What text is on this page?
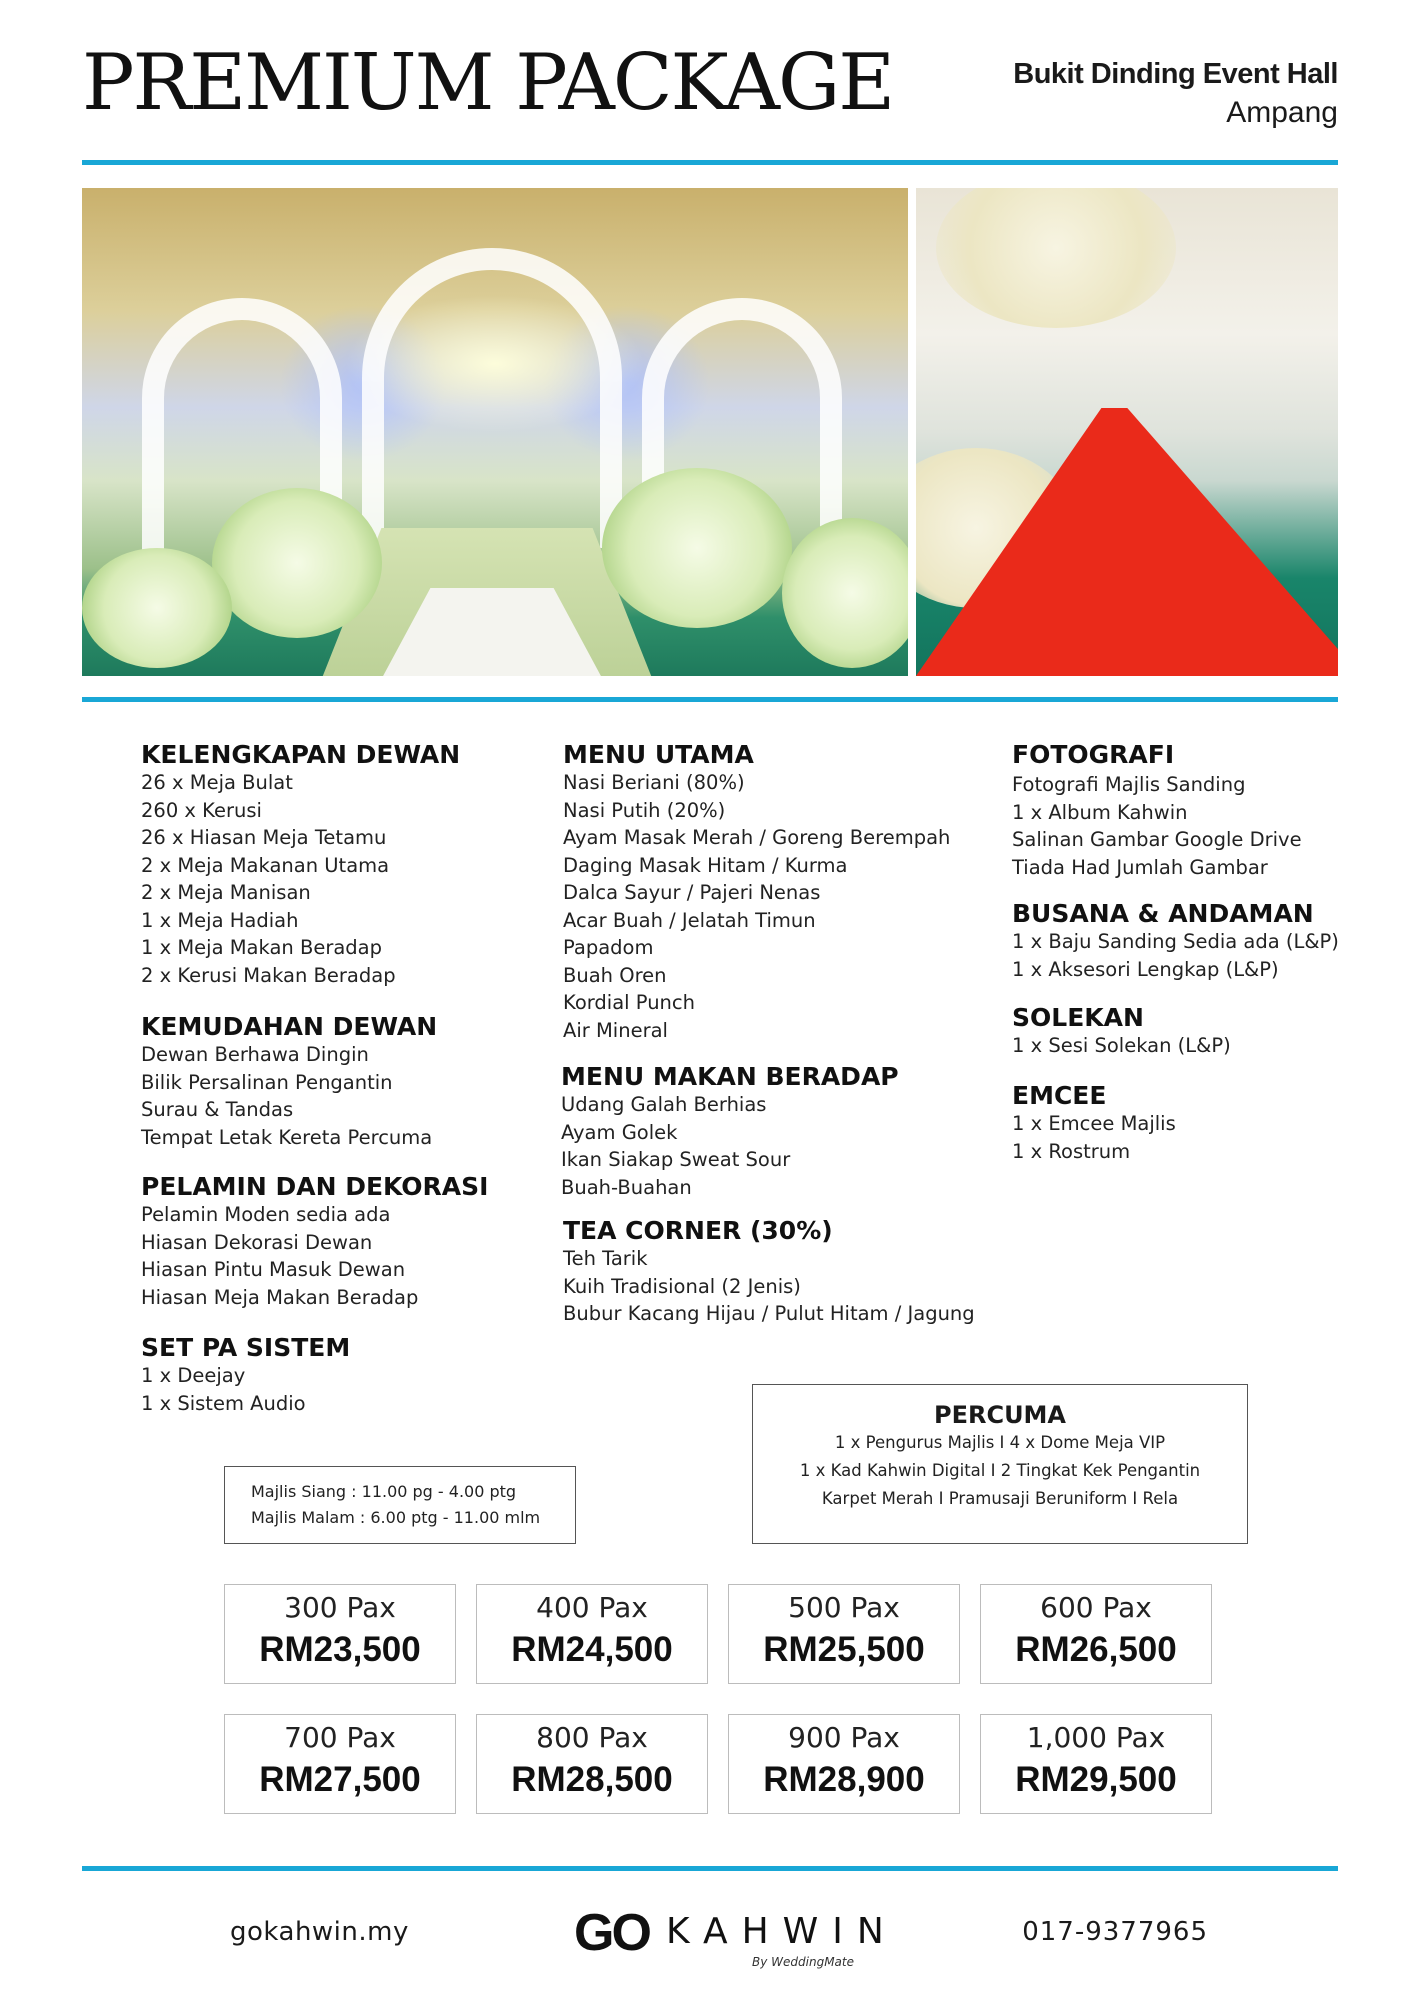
PREMIUM PACKAGE	Bukit Dinding Event Hall
Ampang
KELENGKAPAN DEWAN
26 x Meja Bulat
260 x Kerusi
26 x Hiasan Meja Tetamu
2 x Meja Makanan Utama
2 x Meja Manisan
1 x Meja Hadiah
1 x Meja Makan Beradap
2 x Kerusi Makan Beradap
KEMUDAHAN DEWAN
Dewan Berhawa Dingin
Bilik Persalinan Pengantin
Surau & Tandas
Tempat Letak Kereta Percuma
PELAMIN DAN DEKORASI
Pelamin Moden sedia ada
Hiasan Dekorasi Dewan
Hiasan Pintu Masuk Dewan
Hiasan Meja Makan Beradap
SET PA SISTEM
1 x Deejay
1 x Sistem Audio
MENU UTAMA
Nasi Beriani (80%)
Nasi Putih (20%)
Ayam Masak Merah / Goreng Berempah
Daging Masak Hitam / Kurma
Dalca Sayur / Pajeri Nenas
Acar Buah / Jelatah Timun
Papadom
Buah Oren
Kordial Punch
Air Mineral
MENU MAKAN BERADAP
Udang Galah Berhias
Ayam Golek
Ikan Siakap Sweat Sour
Buah-Buahan
TEA CORNER (30%)
Teh Tarik
Kuih Tradisional (2 Jenis)
Bubur Kacang Hijau / Pulut Hitam / Jagung
FOTOGRAFI
Fotografi Majlis Sanding
1 x Album Kahwin
Salinan Gambar Google Drive
Tiada Had Jumlah Gambar
BUSANA & ANDAMAN
1 x Baju Sanding Sedia ada (L&P)
1 x Aksesori Lengkap (L&P)
SOLEKAN
1 x Sesi Solekan (L&P)
EMCEE
1 x Emcee Majlis
1 x Rostrum
Majlis Siang : 11.00 pg - 4.00 ptg
Majlis Malam : 6.00 ptg - 11.00 mlm
PERCUMA
1 x Pengurus Majlis I 4 x Dome Meja VIP
1 x Kad Kahwin Digital I 2 Tingkat Kek Pengantin
Karpet Merah I Pramusaji Beruniform I Rela
300 Pax
RM23,500
400 Pax
RM24,500
500 Pax
RM25,500
600 Pax
RM26,500
700 Pax
RM27,500
800 Pax
RM28,500
900 Pax
RM28,900
1,000 Pax
RM29,500
gokahwin.my	GO KAHWIN
By WeddingMate
017-9377965
